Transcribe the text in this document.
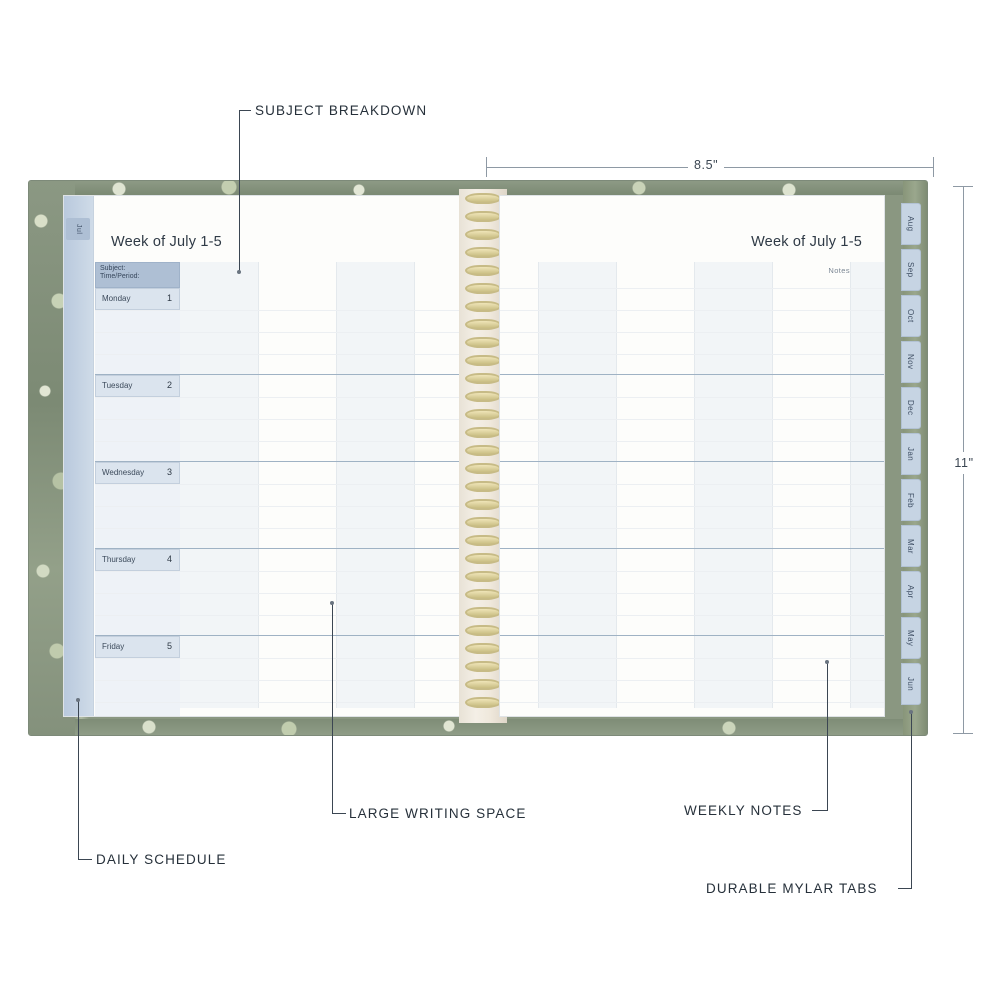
8.5"
11"
Jul
Week of July 1-5
Subject:
Time/Period:
Monday	1
Tuesday	2
Wednesday	3
Thursday	4
Friday	5
Week of July 1-5
Notes
Aug
Sep
Oct
Nov
Dec
Jan
Feb
Mar
Apr
May
Jun
SUBJECT BREAKDOWN
LARGE WRITING SPACE	WEEKLY NOTES
DAILY SCHEDULE
DURABLE MYLAR TABS
